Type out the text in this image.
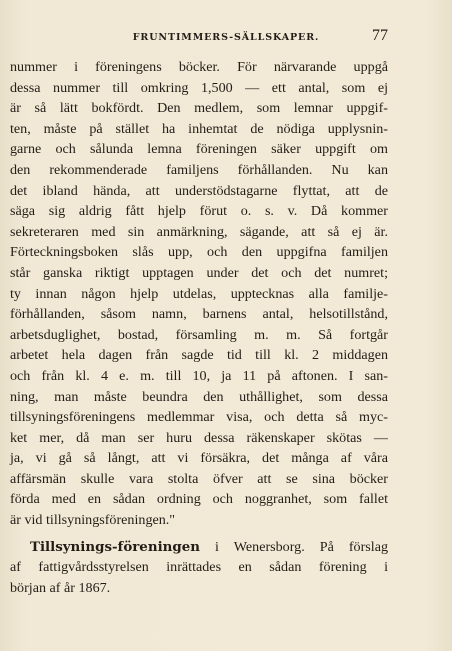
FRUNTIMMERS-SÄLLSKAPER.	77
nummer i föreningens böcker. För närvarande uppgå
dessa nummer till omkring 1,500 — ett antal, som ej
är så lätt bokfördt. Den medlem, som lemnar uppgif-
ten, måste på stället ha inhemtat de nödiga upplysnin-
garne och sålunda lemna föreningen säker uppgift om
den rekommenderade familjens förhållanden. Nu kan
det ibland hända, att understödstagarne flyttat, att de
säga sig aldrig fått hjelp förut o. s. v. Då kommer
sekreteraren med sin anmärkning, sägande, att så ej är.
Förteckningsboken slås upp, och den uppgifna familjen
står ganska riktigt upptagen under det och det numret;
ty innan någon hjelp utdelas, upptecknas alla familje-
förhållanden, såsom namn, barnens antal, helsotillstånd,
arbetsduglighet, bostad, församling m. m. Så fortgår
arbetet hela dagen från sagde tid till kl. 2 middagen
och från kl. 4 e. m. till 10, ja 11 på aftonen. I san-
ning, man måste beundra den uthållighet, som dessa
tillsyningsföreningens medlemmar visa, och detta så myc-
ket mer, då man ser huru dessa räkenskaper skötas —
ja, vi gå så långt, att vi försäkra, det många af våra
affärsmän skulle vara stolta öfver att se sina böcker
förda med en sådan ordning och noggranhet, som fallet
är vid tillsyningsföreningen."
Tillsynings-föreningen i Wenersborg. På förslag
af fattigvårdsstyrelsen inrättades en sådan förening i
början af år 1867.
